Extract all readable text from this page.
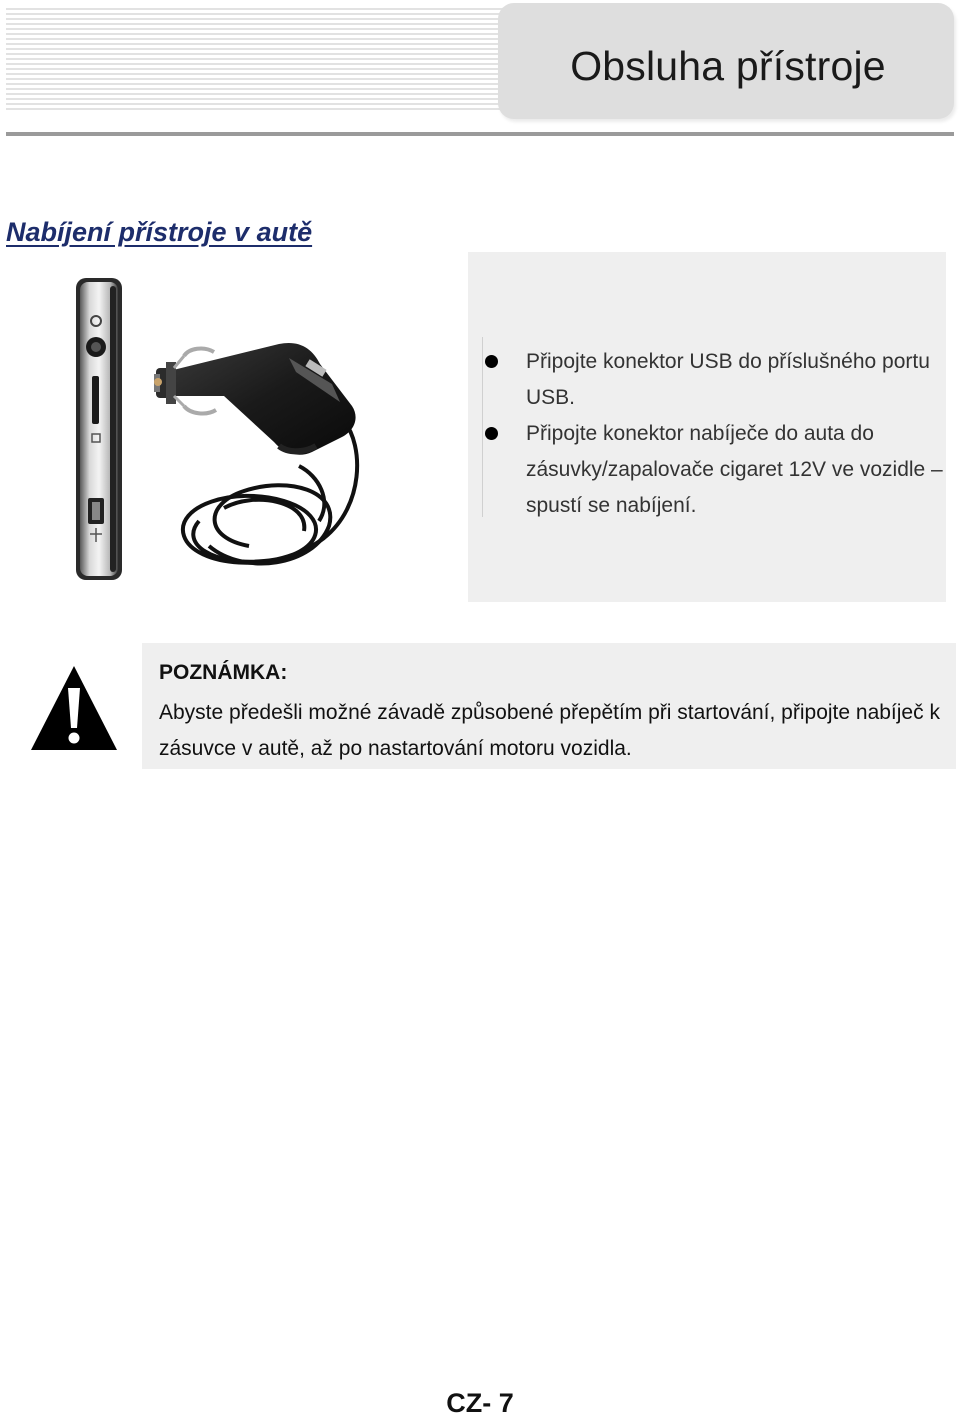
Obsluha přístroje
Nabíjení přístroje v autě
Připojte konektor USB do příslušného portu USB.
Připojte konektor nabíječe do auta do zásuvky/zapalovače cigaret 12V ve vozidle – spustí se nabíjení.
POZNÁMKA:
Abyste předešli možné závadě způsobené přepětím při startování, připojte nabíječ k zásuvce v autě, až po nastartování motoru vozidla.
CZ- 7
